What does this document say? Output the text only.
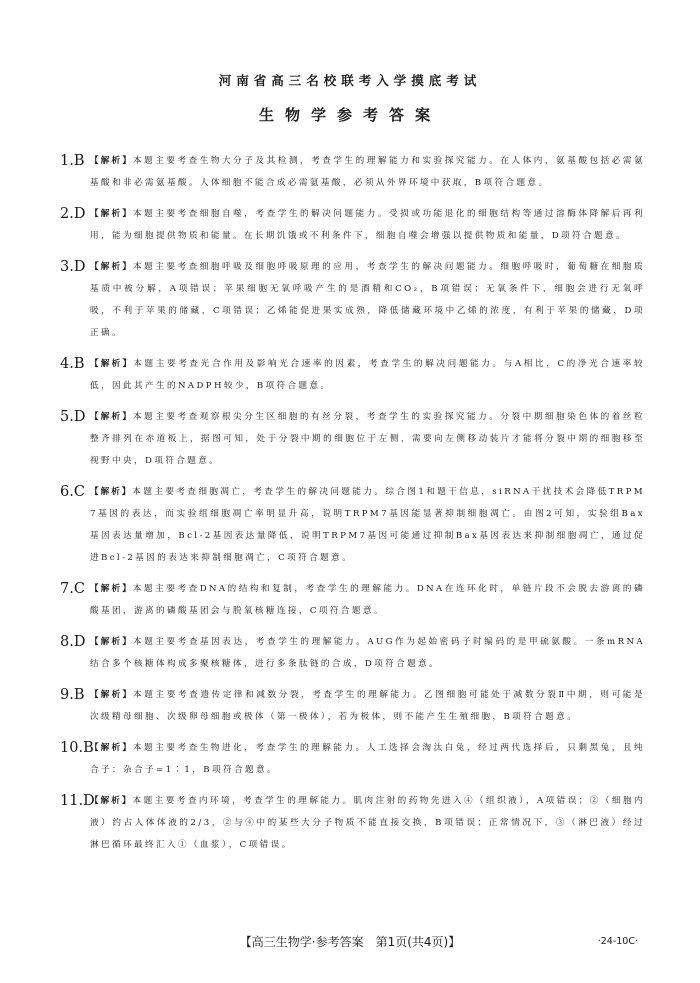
河南省高三名校联考入学摸底考试
生物学参考答案
1.B 【解析】本题主要考查生物大分子及其检测，考查学生的理解能力和实验探究能力。在人体内，氨基酸包括必需氨基酸和非必需氨基酸。人体细胞不能合成必需氨基酸，必须从外界环境中获取，B项符合题意。
2.D 【解析】本题主要考查细胞自噬，考查学生的解决问题能力。受损或功能退化的细胞结构等通过溶酶体降解后再利用，能为细胞提供物质和能量。在长期饥饿或不利条件下，细胞自噬会增强以提供物质和能量，D项符合题意。
3.D 【解析】本题主要考查细胞呼吸及细胞呼吸原理的应用，考查学生的解决问题能力。细胞呼吸时，葡萄糖在细胞质基质中被分解，A项错误；苹果细胞无氧呼吸产生的是酒精和CO₂，B项错误；无氧条件下，细胞会进行无氧呼吸，不利于苹果的储藏，C项错误；乙烯能促进果实成熟，降低储藏环境中乙烯的浓度，有利于苹果的储藏，D项正确。
4.B 【解析】本题主要考查光合作用及影响光合速率的因素，考查学生的解决问题能力。与A相比，C的净光合速率较低，因此其产生的NADPH较少，B项符合题意。
5.D 【解析】本题主要考查观察根尖分生区细胞的有丝分裂，考查学生的实验探究能力。分裂中期细胞染色体的着丝粒整齐排列在赤道板上，据图可知，处于分裂中期的细胞位于左侧，需要向左侧移动装片才能将分裂中期的细胞移至视野中央，D项符合题意。
6.C 【解析】本题主要考查细胞凋亡，考查学生的解决问题能力。综合图1和题干信息，siRNA干扰技术会降低TRPM7基因的表达，而实验组细胞凋亡率明显升高，说明TRPM7基因能显著抑制细胞凋亡。由图2可知，实验组Bax基因表达量增加，Bcl-2基因表达量降低，说明TRPM7基因可能通过抑制Bax基因表达来抑制细胞凋亡，通过促进Bcl-2基因的表达来抑制细胞凋亡，C项符合题意。
7.C 【解析】本题主要考查DNA的结构和复制，考查学生的理解能力。DNA在连环化时，单链片段不会脱去游离的磷酸基团，游离的磷酸基团会与脱氧核糖连接，C项符合题意。
8.D 【解析】本题主要考查基因表达，考查学生的理解能力。AUG作为起始密码子时编码的是甲硫氨酸。一条mRNA结合多个核糖体构成多聚核糖体，进行多条肽链的合成，D项符合题意。
9.B 【解析】本题主要考查遗传定律和减数分裂，考查学生的理解能力。乙图细胞可能处于减数分裂Ⅱ中期，则可能是次级精母细胞、次级卵母细胞或极体（第一极体），若为极体，则不能产生生殖细胞，B项符合题意。
10.B
【解析】本题主要考查生物进化，考查学生的理解能力。人工选择会淘汰白兔，经过两代选择后，只剩黑兔，且纯合子：杂合子=1∶1，B项符合题意。
11.D
【解析】本题主要考查内环境，考查学生的理解能力。肌肉注射的药物先进入④（组织液），A项错误；②（细胞内液）约占人体体液的2/3，②与④中的某些大分子物质不能直接交换，B项错误；正常情况下，③（淋巴液）经过淋巴循环最终汇入①（血浆），C项错误。
【高三生物学·参考答案　第1页(共4页)】	·24-10C·
